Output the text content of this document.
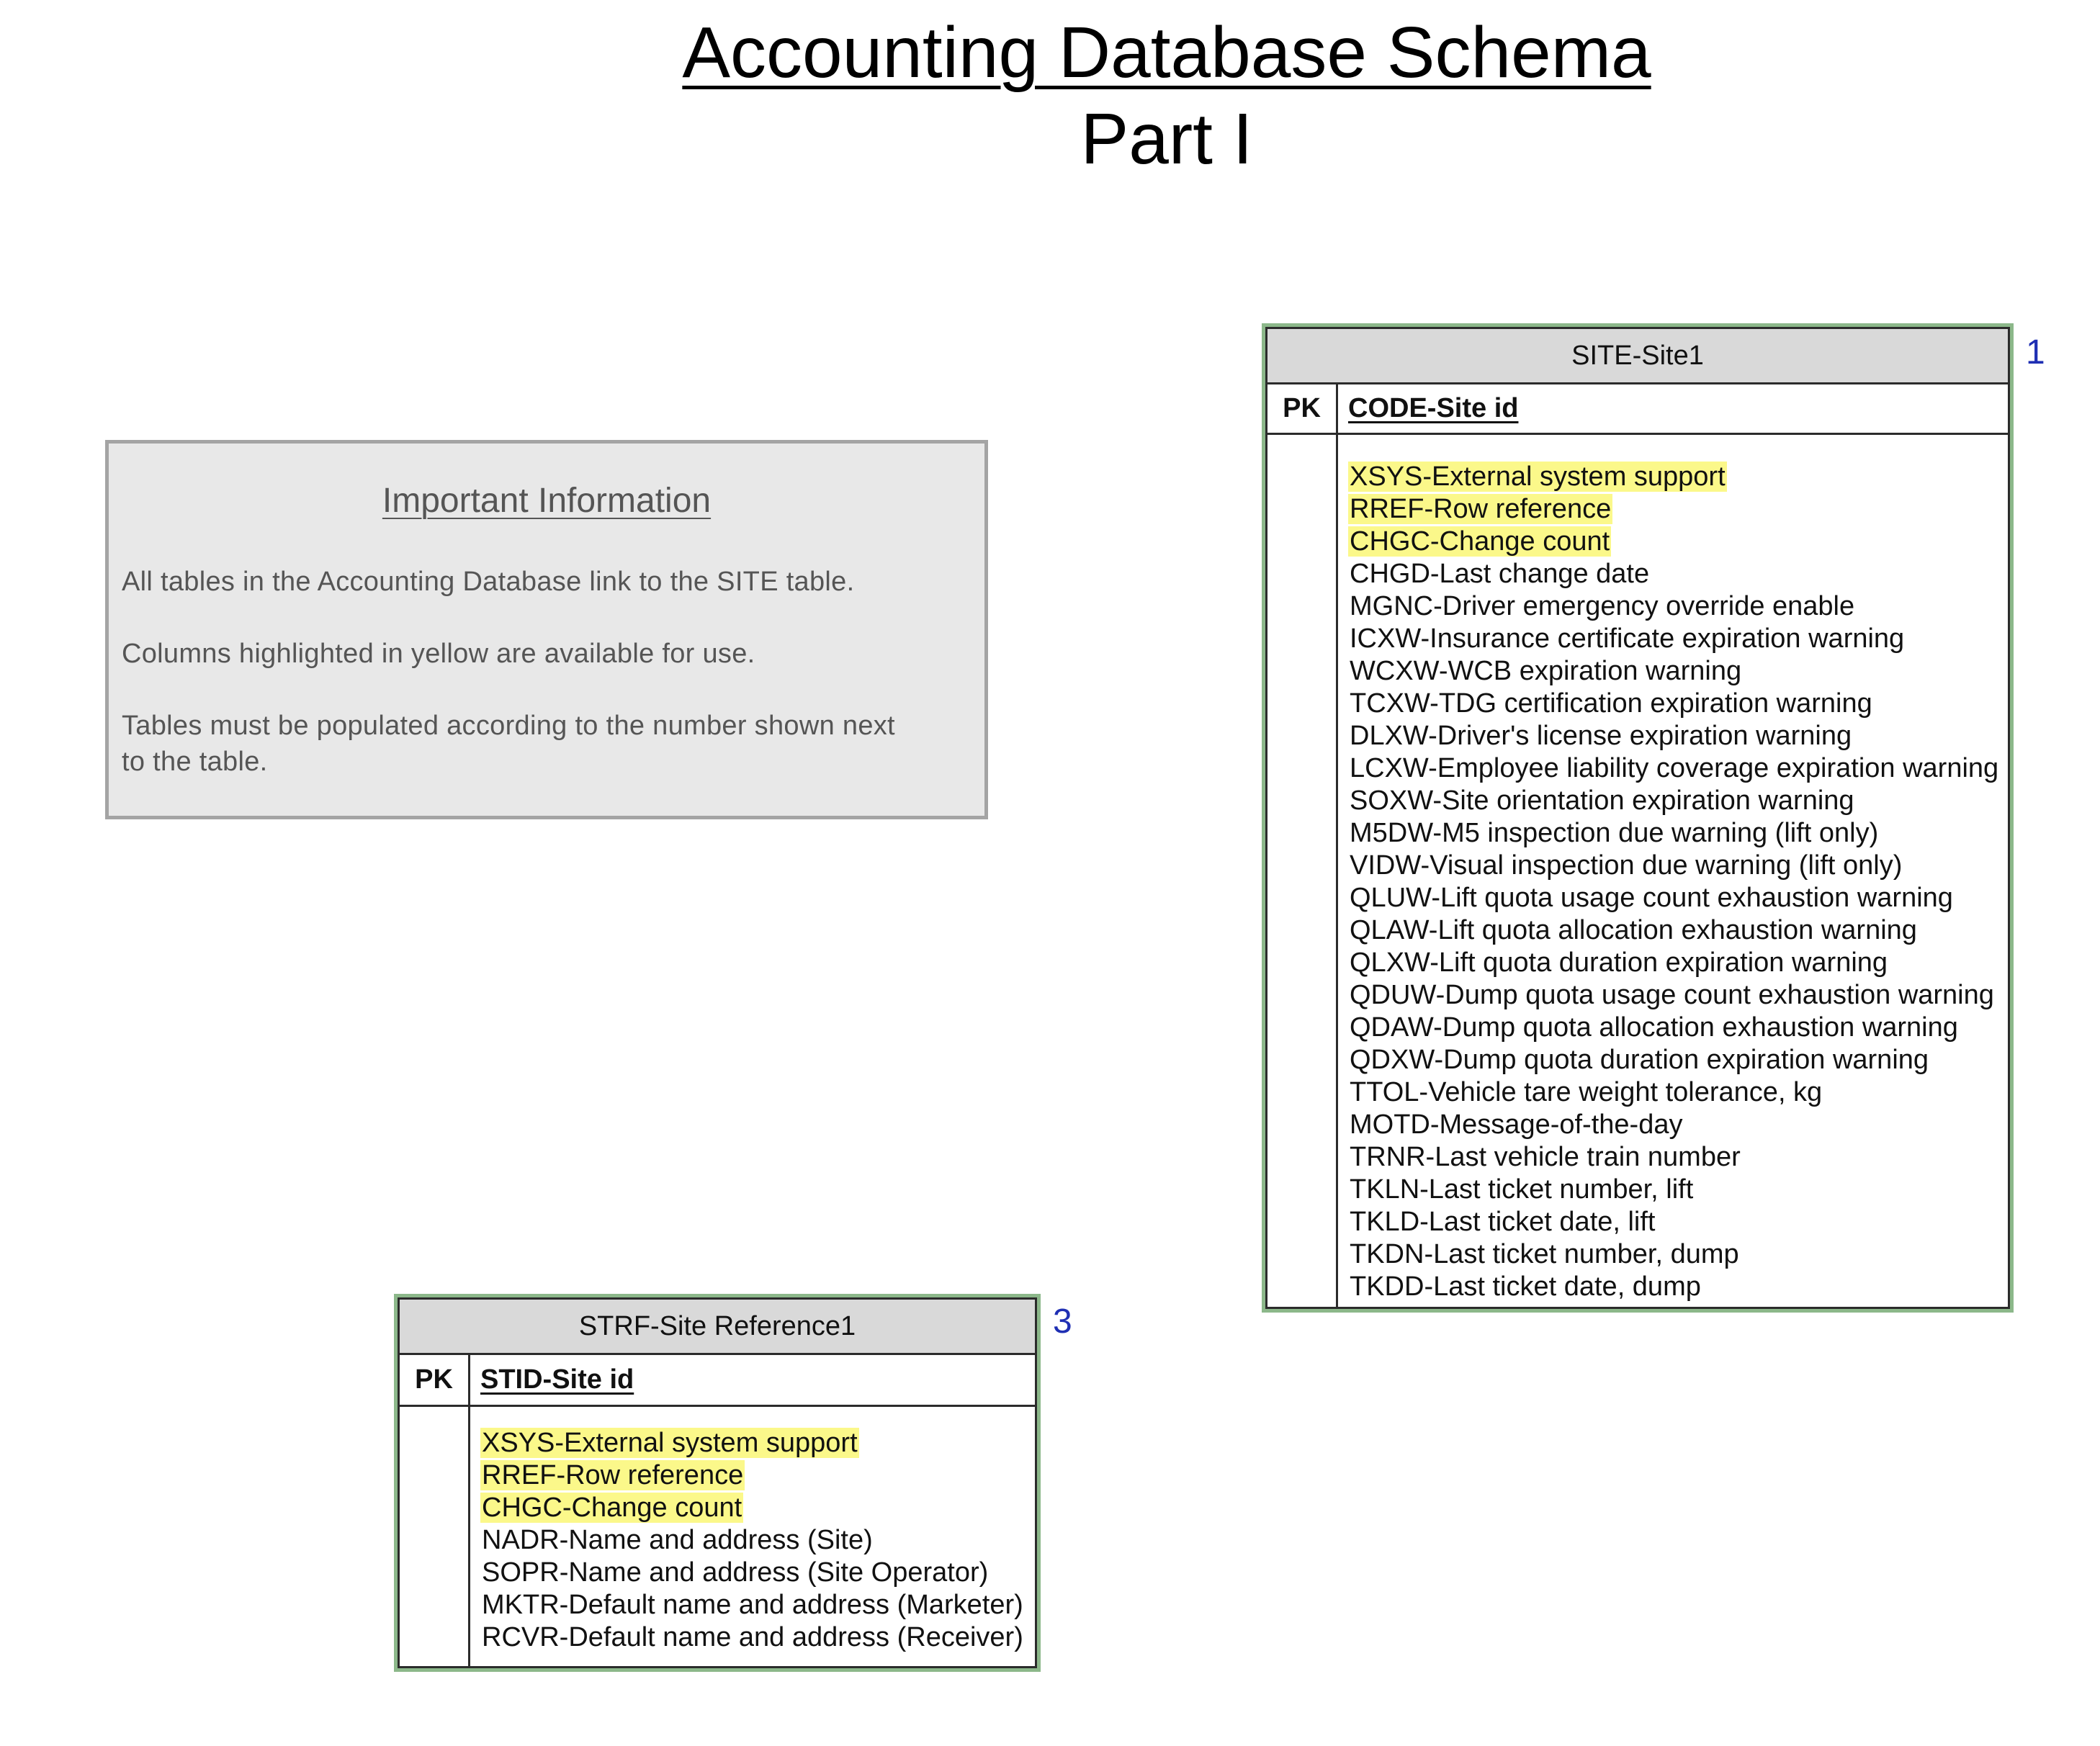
Accounting Database Schema
Part I
Important Information
All tables in the Accounting Database link to the SITE table.
Columns highlighted in yellow are available for use.
Tables must be populated according to the number shown next
to the table.
SITE-Site1
PK	CODE-Site id
XSYS-External system support
RREF-Row reference
CHGC-Change count
CHGD-Last change date
MGNC-Driver emergency override enable
ICXW-Insurance certificate expiration warning
WCXW-WCB expiration warning
TCXW-TDG certification expiration warning
DLXW-Driver's license expiration warning
LCXW-Employee liability coverage expiration warning
SOXW-Site orientation expiration warning
M5DW-M5 inspection due warning (lift only)
VIDW-Visual inspection due warning (lift only)
QLUW-Lift quota usage count exhaustion warning
QLAW-Lift quota allocation exhaustion warning
QLXW-Lift quota duration expiration warning
QDUW-Dump quota usage count exhaustion warning
QDAW-Dump quota allocation exhaustion warning
QDXW-Dump quota duration expiration warning
TTOL-Vehicle tare weight tolerance, kg
MOTD-Message-of-the-day
TRNR-Last vehicle train number
TKLN-Last ticket number, lift
TKLD-Last ticket date, lift
TKDN-Last ticket number, dump
TKDD-Last ticket date, dump
1
STRF-Site Reference1
PK	STID-Site id
XSYS-External system support
RREF-Row reference
CHGC-Change count
NADR-Name and address (Site)
SOPR-Name and address (Site Operator)
MKTR-Default name and address (Marketer)
RCVR-Default name and address (Receiver)
3
